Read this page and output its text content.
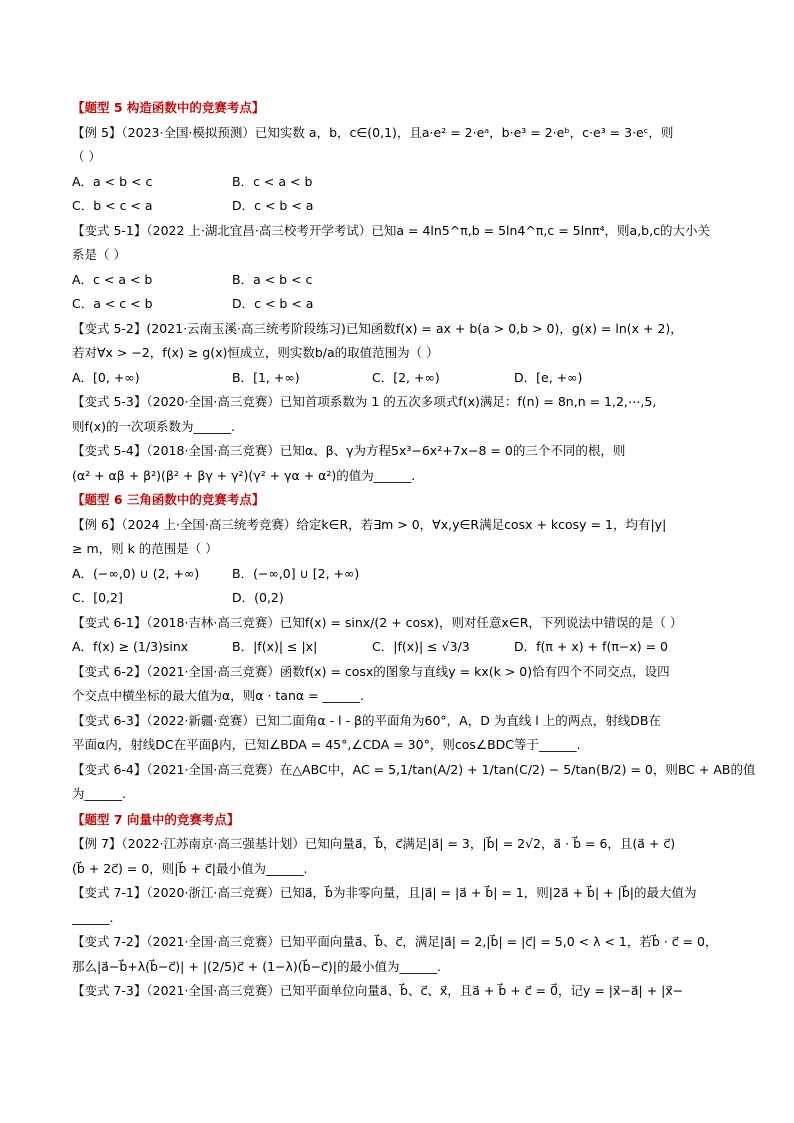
【题型 5 构造函数中的竞赛考点】
【例 5】（2023·全国·模拟预测）已知实数 a，b，c∈(0,1)，且a·e² = 2·eᵃ，b·e³ = 2·eᵇ，c·e³ = 3·eᶜ，则
（ ）
A．a < b < c	B．c < a < b
C．b < c < a	D．c < b < a
【变式 5-1】（2022 上·湖北宜昌·高三校考开学考试）已知a = 4ln5^π,b = 5ln4^π,c = 5lnπ⁴，则a,b,c的大小关
系是（ ）
A．c < a < b	B．a < b < c
C．a < c < b	D．c < b < a
【变式 5-2】(2021·云南玉溪·高三统考阶段练习)已知函数f(x) = ax + b(a > 0,b > 0)，g(x) = ln(x + 2)，
若对∀x > −2，f(x) ≥ g(x)恒成立，则实数b/a的取值范围为（ ）
A．[0, +∞)	B．[1, +∞)	C．[2, +∞)	D．[e, +∞)
【变式 5-3】（2020·全国·高三竞赛）已知首项系数为 1 的五次多项式f(x)满足：f(n) = 8n,n = 1,2,⋯,5,
则f(x)的一次项系数为______.
【变式 5-4】（2018·全国·高三竞赛）已知α、β、γ为方程5x³−6x²+7x−8 = 0的三个不同的根，则
(α² + αβ + β²)(β² + βγ + γ²)(γ² + γα + α²)的值为______.
【题型 6 三角函数中的竞赛考点】
【例 6】（2024 上·全国·高三统考竞赛）给定k∈R，若∃m > 0，∀x,y∈R满足cosx + kcosy = 1，均有|y|
≥ m，则 k 的范围是（ ）
A．(−∞,0) ∪ (2, +∞)	B．(−∞,0] ∪ [2, +∞)
C．[0,2]	D．(0,2)
【变式 6-1】（2018·吉林·高三竞赛）已知f(x) = sinx/(2 + cosx)，则对任意x∈R，下列说法中错误的是（ ）
A．f(x) ≥ (1/3)sinx	B．|f(x)| ≤ |x|	C．|f(x)| ≤ √3/3	D．f(π + x) + f(π−x) = 0
【变式 6-2】（2021·全国·高三竞赛）函数f(x) = cosx的图象与直线y = kx(k > 0)恰有四个不同交点，设四
个交点中横坐标的最大值为α，则α · tanα = ______.
【变式 6-3】（2022·新疆·竞赛）已知二面角α - l - β的平面角为60°，A，D 为直线 l 上的两点，射线DB在
平面α内，射线DC在平面β内，已知∠BDA = 45°,∠CDA = 30°，则cos∠BDC等于______.
【变式 6-4】（2021·全国·高三竞赛）在△ABC中，AC = 5,1/tan(A/2) + 1/tan(C/2) − 5/tan(B/2) = 0，则BC + AB的值
为______.
【题型 7 向量中的竞赛考点】
【例 7】（2022·江苏南京·高三强基计划）已知向量a⃗，b⃗，c⃗满足|a⃗| = 3，|b⃗| = 2√2，a⃗ · b⃗ = 6，且(a⃗ + c⃗)
(b⃗ + 2c⃗) = 0，则|b⃗ + c⃗|最小值为______.
【变式 7-1】（2020·浙江·高三竞赛）已知a⃗，b⃗为非零向量，且|a⃗| = |a⃗ + b⃗| = 1，则|2a⃗ + b⃗| + |b⃗|的最大值为
______.
【变式 7-2】（2021·全国·高三竞赛）已知平面向量a⃗、b⃗、c⃗，满足|a⃗| = 2,|b⃗| = |c⃗| = 5,0 < λ < 1，若b⃗ · c⃗ = 0，
那么|a⃗−b⃗+λ(b⃗−c⃗)| + |(2/5)c⃗ + (1−λ)(b⃗−c⃗)|的最小值为______.
【变式 7-3】（2021·全国·高三竞赛）已知平面单位向量a⃗、b⃗、c⃗、x⃗，且a⃗ + b⃗ + c⃗ = 0⃗，记y = |x⃗−a⃗| + |x⃗−
